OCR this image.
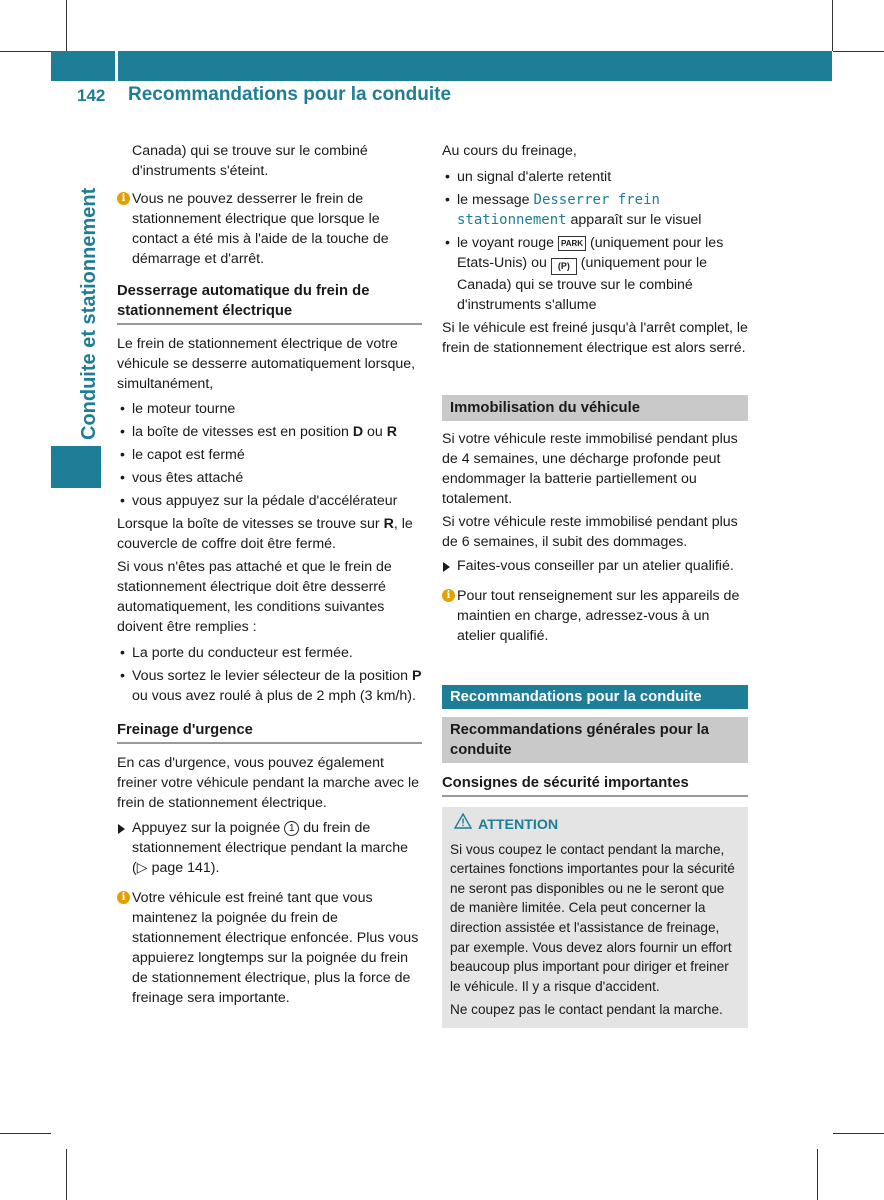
142 Recommandations pour la conduite
Conduite et stationnement

Canada) qui se trouve sur le combiné d'instruments s'éteint.

i Vous ne pouvez desserrer le frein de stationnement électrique que lorsque le contact a été mis à l'aide de la touche de démarrage et d'arrêt.

Desserrage automatique du frein de stationnement électrique

Le frein de stationnement électrique de votre véhicule se desserre automatiquement lorsque, simultanément,

• le moteur tourne

• la boîte de vitesses est en position D ou R

• le capot est fermé

• vous êtes attaché

• vous appuyez sur la pédale d'accélérateur

Lorsque la boîte de vitesses se trouve sur R, le couvercle de coffre doit être fermé.

Si vous n'êtes pas attaché et que le frein de stationnement électrique doit être desserré automatiquement, les conditions suivantes doivent être remplies :

• La porte du conducteur est fermée.

• Vous sortez le levier sélecteur de la position P ou vous avez roulé à plus de 2 mph (3 km/h).

Freinage d'urgence

En cas d'urgence, vous pouvez également freiner votre véhicule pendant la marche avec le frein de stationnement électrique.

Appuyez sur la poignée 1 du frein de stationnement électrique pendant la marche (▷ page 141).

i Votre véhicule est freiné tant que vous maintenez la poignée du frein de stationnement électrique enfoncée. Plus vous appuierez longtemps sur la poignée du frein de stationnement électrique, plus la force de freinage sera importante.

Au cours du freinage,

• un signal d'alerte retentit

• le message Desserrer frein stationnement apparaît sur le visuel

• le voyant rouge PARK (uniquement pour les Etats-Unis) ou (P) (uniquement pour le Canada) qui se trouve sur le combiné d'instruments s'allume

Si le véhicule est freiné jusqu'à l'arrêt complet, le frein de stationnement électrique est alors serré.

Immobilisation du véhicule

Si votre véhicule reste immobilisé pendant plus de 4 semaines, une décharge profonde peut endommager la batterie partiellement ou totalement.

Si votre véhicule reste immobilisé pendant plus de 6 semaines, il subit des dommages.

Faites-vous conseiller par un atelier qualifié.

i Pour tout renseignement sur les appareils de maintien en charge, adressez-vous à un atelier qualifié.

Recommandations pour la conduite
Recommandations générales pour la conduite
Consignes de sécurité importantes
ATTENTION

Si vous coupez le contact pendant la marche, certaines fonctions importantes pour la sécurité ne seront pas disponibles ou ne le seront que de manière limitée. Cela peut concerner la direction assistée et l'assistance de freinage, par exemple. Vous devez alors fournir un effort beaucoup plus important pour diriger et freiner le véhicule. Il y a risque d'accident.

Ne coupez pas le contact pendant la marche.
